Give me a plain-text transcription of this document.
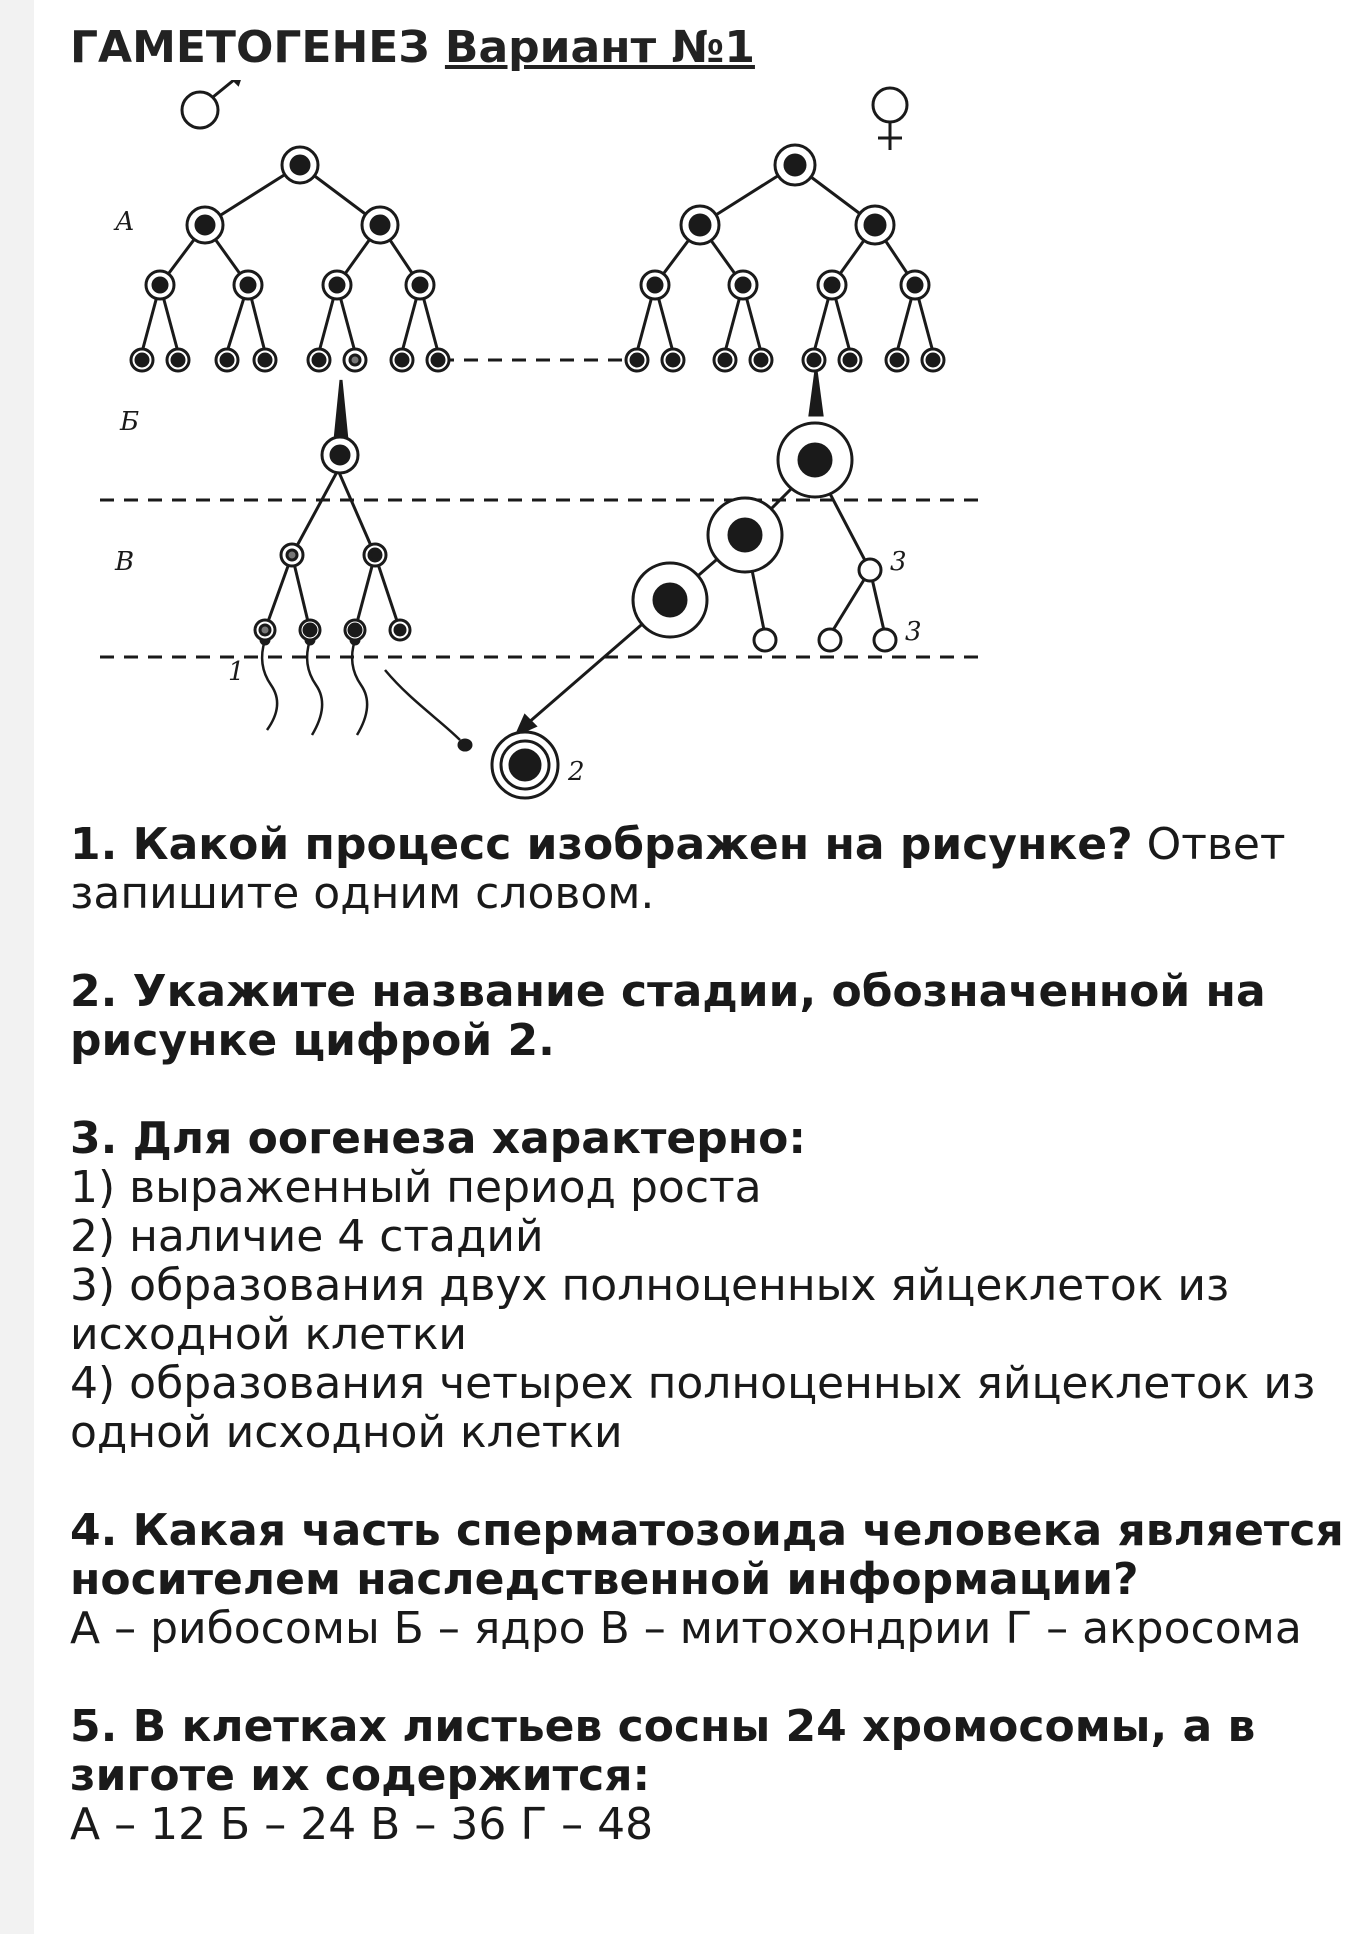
ГАМЕТОГЕНЕЗ Вариант №1
А
Б
В
1
2
3
3
1. Какой процесс изображен на рисунке? Ответ запишите одним словом.
2. Укажите название стадии, обозначенной на рисунке цифрой 2.
3. Для оогенеза характерно:
1) выраженный период роста
2) наличие 4 стадий
3) образования двух полноценных яйцеклеток из исходной клетки
4) образования четырех полноценных яйцеклеток из одной исходной клетки
4. Какая часть сперматозоида человека является носителем наследственной информации?
А – рибосомы Б – ядро В – митохондрии Г – акросома
5. В клетках листьев сосны 24 хромосомы, а в зиготе их содержится:
А – 12 Б – 24 В – 36 Г – 48
